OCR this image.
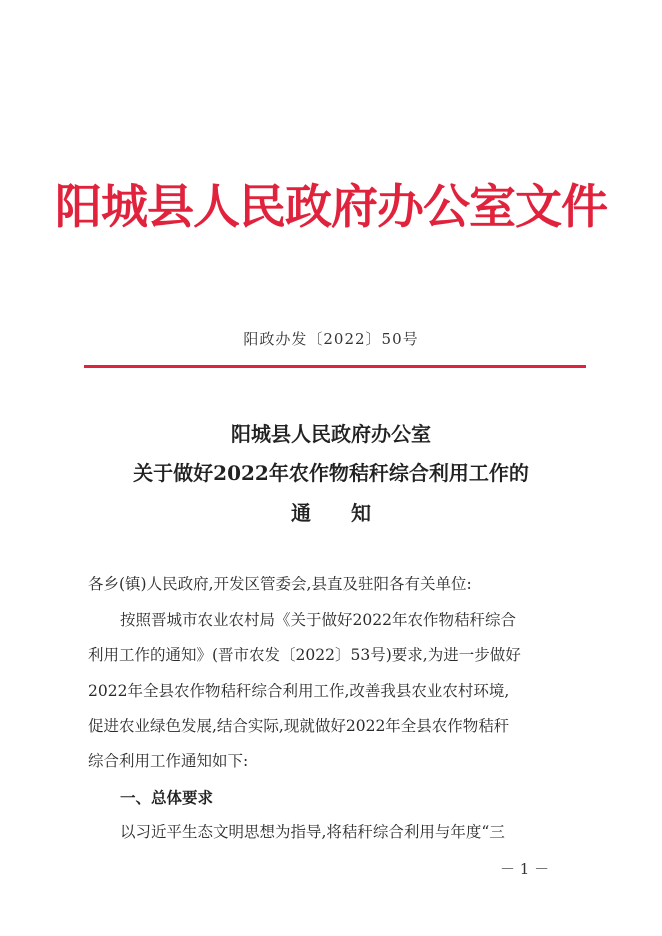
阳城县人民政府办公室文件
阳政办发〔2022〕50号
阳城县人民政府办公室
关于做好2022年农作物秸秆综合利用工作的
通 知
各乡(镇)人民政府,开发区管委会,县直及驻阳各有关单位:
按照晋城市农业农村局《关于做好2022年农作物秸秆综合
利用工作的通知》(晋市农发〔2022〕53号)要求,为进一步做好
2022年全县农作物秸秆综合利用工作,改善我县农业农村环境,
促进农业绿色发展,结合实际,现就做好2022年全县农作物秸秆
综合利用工作通知如下:
一、总体要求
以习近平生态文明思想为指导,将秸秆综合利用与年度“三
－ 1 －
